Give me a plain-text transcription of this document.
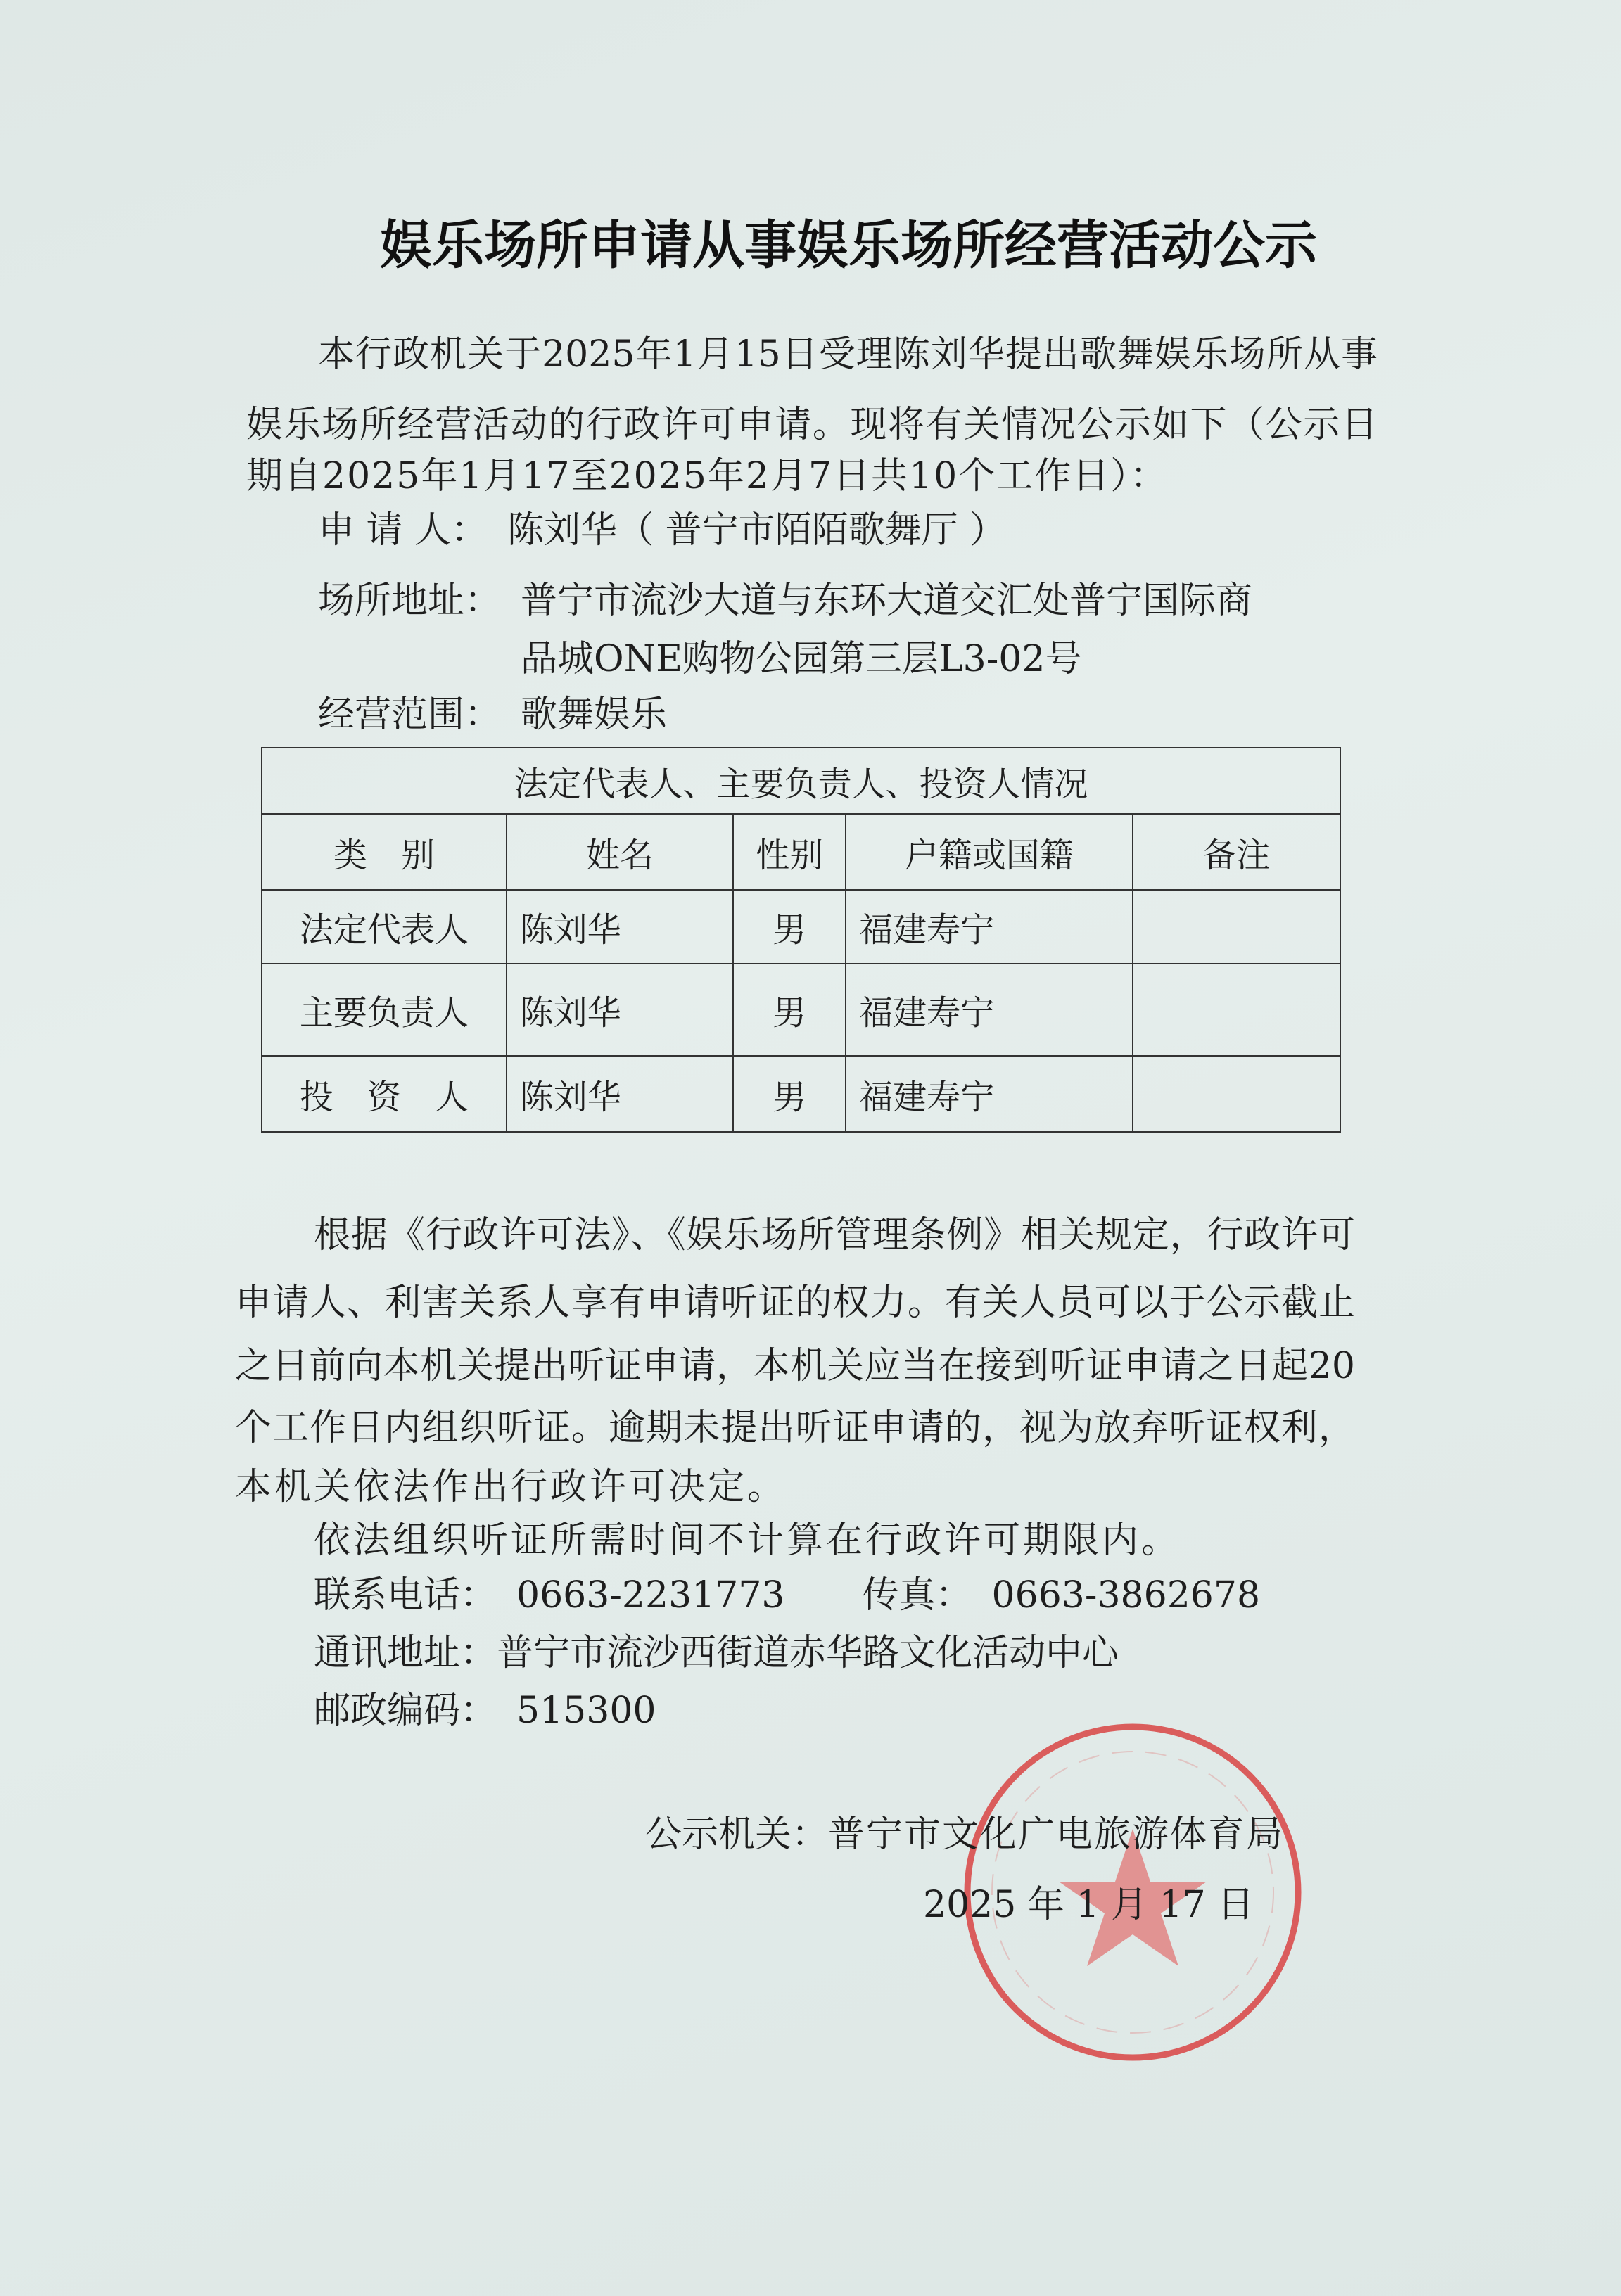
娱乐场所申请从事娱乐场所经营活动公示
本行政机关于2025年1月15日受理陈刘华提出歌舞娱乐场所从事
娱乐场所经营活动的行政许可申请。现将有关情况公示如下（公示日
期自2025年1月17至2025年2月7日共10个工作日）：
申 请 人： 陈刘华（ 普宁市陌陌歌舞厅 ）
场所地址： 普宁市流沙大道与东环大道交汇处普宁国际商
品城ONE购物公园第三层L3-02号
经营范围： 歌舞娱乐
法定代表人、主要负责人、投资人情况				
类　别	姓名	性别	户籍或国籍	备注
法定代表人	陈刘华	男	福建寿宁	
主要负责人	陈刘华	男	福建寿宁	
投　资　人	陈刘华	男	福建寿宁	
根据《行政许可法》、《娱乐场所管理条例》相关规定，行政许可
申请人、利害关系人享有申请听证的权力。有关人员可以于公示截止
之日前向本机关提出听证申请，本机关应当在接到听证申请之日起20
个工作日内组织听证。逾期未提出听证申请的，视为放弃听证权利，
本机关依法作出行政许可决定。
依法组织听证所需时间不计算在行政许可期限内。
联系电话： 0663-2231773 传真： 0663-3862678
通讯地址： 普宁市流沙西街道赤华路文化活动中心
邮政编码： 515300
公示机关： 普宁市文化广电旅游体育局
2025 年 1 月 17 日
